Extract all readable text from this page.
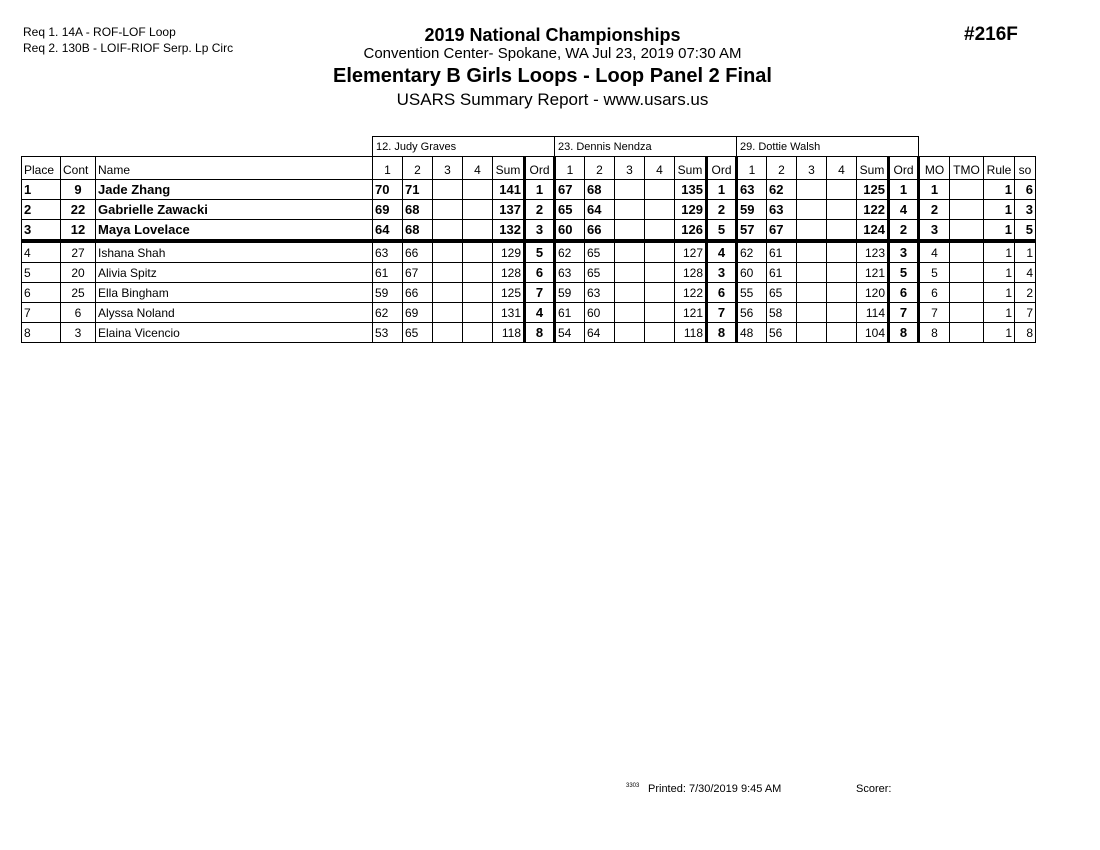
Req 1. 14A - ROF-LOF Loop
Req 2. 130B - LOIF-RIOF Serp. Lp Circ
2019 National Championships
Convention Center- Spokane, WA Jul 23, 2019 07:30 AM
Elementary B Girls Loops - Loop Panel 2 Final
USARS Summary Report - www.usars.us
#216F
			12. Judy Graves						23. Dennis Nendza						29. Dottie Walsh									
Place	Cont	Name	1	2	3	4	Sum	Ord	1	2	3	4	Sum	Ord	1	2	3	4	Sum	Ord	MO	TMO	Rule	so
1	9	Jade Zhang	70	71			141	1	67	68			135	1	63	62			125	1	1		1	6
2	22	Gabrielle Zawacki	69	68			137	2	65	64			129	2	59	63			122	4	2		1	3
3	12	Maya Lovelace	64	68			132	3	60	66			126	5	57	67			124	2	3		1	5
4	27	Ishana Shah	63	66			129	5	62	65			127	4	62	61			123	3	4		1	1
5	20	Alivia Spitz	61	67			128	6	63	65			128	3	60	61			121	5	5		1	4
6	25	Ella Bingham	59	66			125	7	59	63			122	6	55	65			120	6	6		1	2
7	6	Alyssa Noland	62	69			131	4	61	60			121	7	56	58			114	7	7		1	7
8	3	Elaina Vicencio	53	65			118	8	54	64			118	8	48	56			104	8	8		1	8
3303 Printed: 7/30/2019 9:45 AM	Scorer:
